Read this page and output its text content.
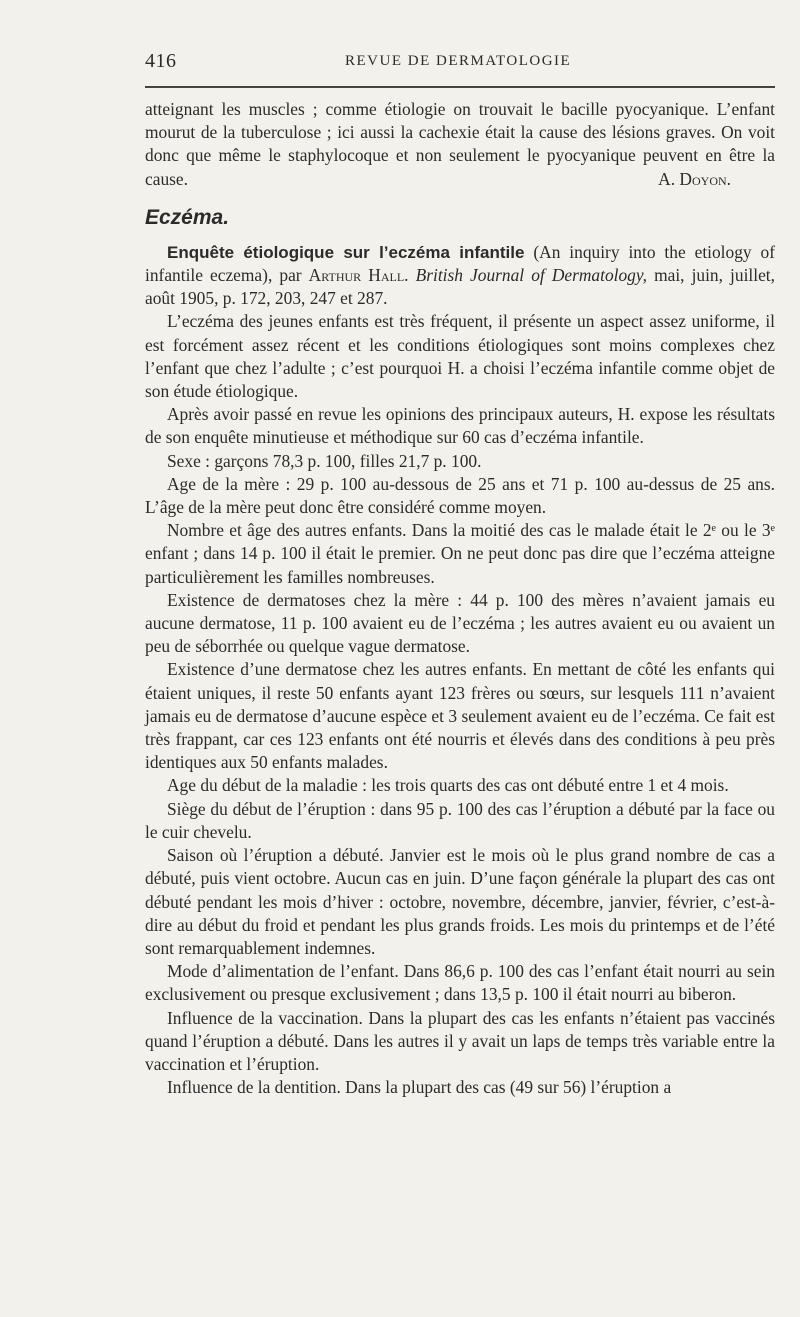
416	REVUE DE DERMATOLOGIE

atteignant les muscles ; comme étiologie on trouvait le bacille pyocyanique. L’enfant mourut de la tuberculose ; ici aussi la cachexie était la cause des lésions graves. On voit donc que même le staphylocoque et non seulement le pyocyanique peuvent en être la cause.	A. Doyon.

Eczéma.

Enquête étiologique sur l’eczéma infantile (An inquiry into the etiology of infantile eczema), par Arthur Hall. British Journal of Dermatology, mai, juin, juillet, août 1905, p. 172, 203, 247 et 287.

L’eczéma des jeunes enfants est très fréquent, il présente un aspect assez uniforme, il est forcément assez récent et les conditions étiologiques sont moins complexes chez l’enfant que chez l’adulte ; c’est pourquoi H. a choisi l’eczéma infantile comme objet de son étude étiologique.

Après avoir passé en revue les opinions des principaux auteurs, H. expose les résultats de son enquête minutieuse et méthodique sur 60 cas d’eczéma infantile.

Sexe : garçons 78,3 p. 100, filles 21,7 p. 100.

Age de la mère : 29 p. 100 au-dessous de 25 ans et 71 p. 100 au-dessus de 25 ans. L’âge de la mère peut donc être considéré comme moyen.

Nombre et âge des autres enfants. Dans la moitié des cas le malade était le 2ᵉ ou le 3ᵉ enfant ; dans 14 p. 100 il était le premier. On ne peut donc pas dire que l’eczéma atteigne particulièrement les familles nombreuses.

Existence de dermatoses chez la mère : 44 p. 100 des mères n’avaient jamais eu aucune dermatose, 11 p. 100 avaient eu de l’eczéma ; les autres avaient eu ou avaient un peu de séborrhée ou quelque vague dermatose.

Existence d’une dermatose chez les autres enfants. En mettant de côté les enfants qui étaient uniques, il reste 50 enfants ayant 123 frères ou sœurs, sur lesquels 111 n’avaient jamais eu de dermatose d’aucune espèce et 3 seulement avaient eu de l’eczéma. Ce fait est très frappant, car ces 123 enfants ont été nourris et élevés dans des conditions à peu près identiques aux 50 enfants malades.

Age du début de la maladie : les trois quarts des cas ont débuté entre 1 et 4 mois.

Siège du début de l’éruption : dans 95 p. 100 des cas l’éruption a débuté par la face ou le cuir chevelu.

Saison où l’éruption a débuté. Janvier est le mois où le plus grand nombre de cas a débuté, puis vient octobre. Aucun cas en juin. D’une façon générale la plupart des cas ont débuté pendant les mois d’hiver : octobre, novembre, décembre, janvier, février, c’est-à-dire au début du froid et pendant les plus grands froids. Les mois du printemps et de l’été sont remarquablement indemnes.

Mode d’alimentation de l’enfant. Dans 86,6 p. 100 des cas l’enfant était nourri au sein exclusivement ou presque exclusivement ; dans 13,5 p. 100 il était nourri au biberon.

Influence de la vaccination. Dans la plupart des cas les enfants n’étaient pas vaccinés quand l’éruption a débuté. Dans les autres il y avait un laps de temps très variable entre la vaccination et l’éruption.

Influence de la dentition. Dans la plupart des cas (49 sur 56) l’éruption a
